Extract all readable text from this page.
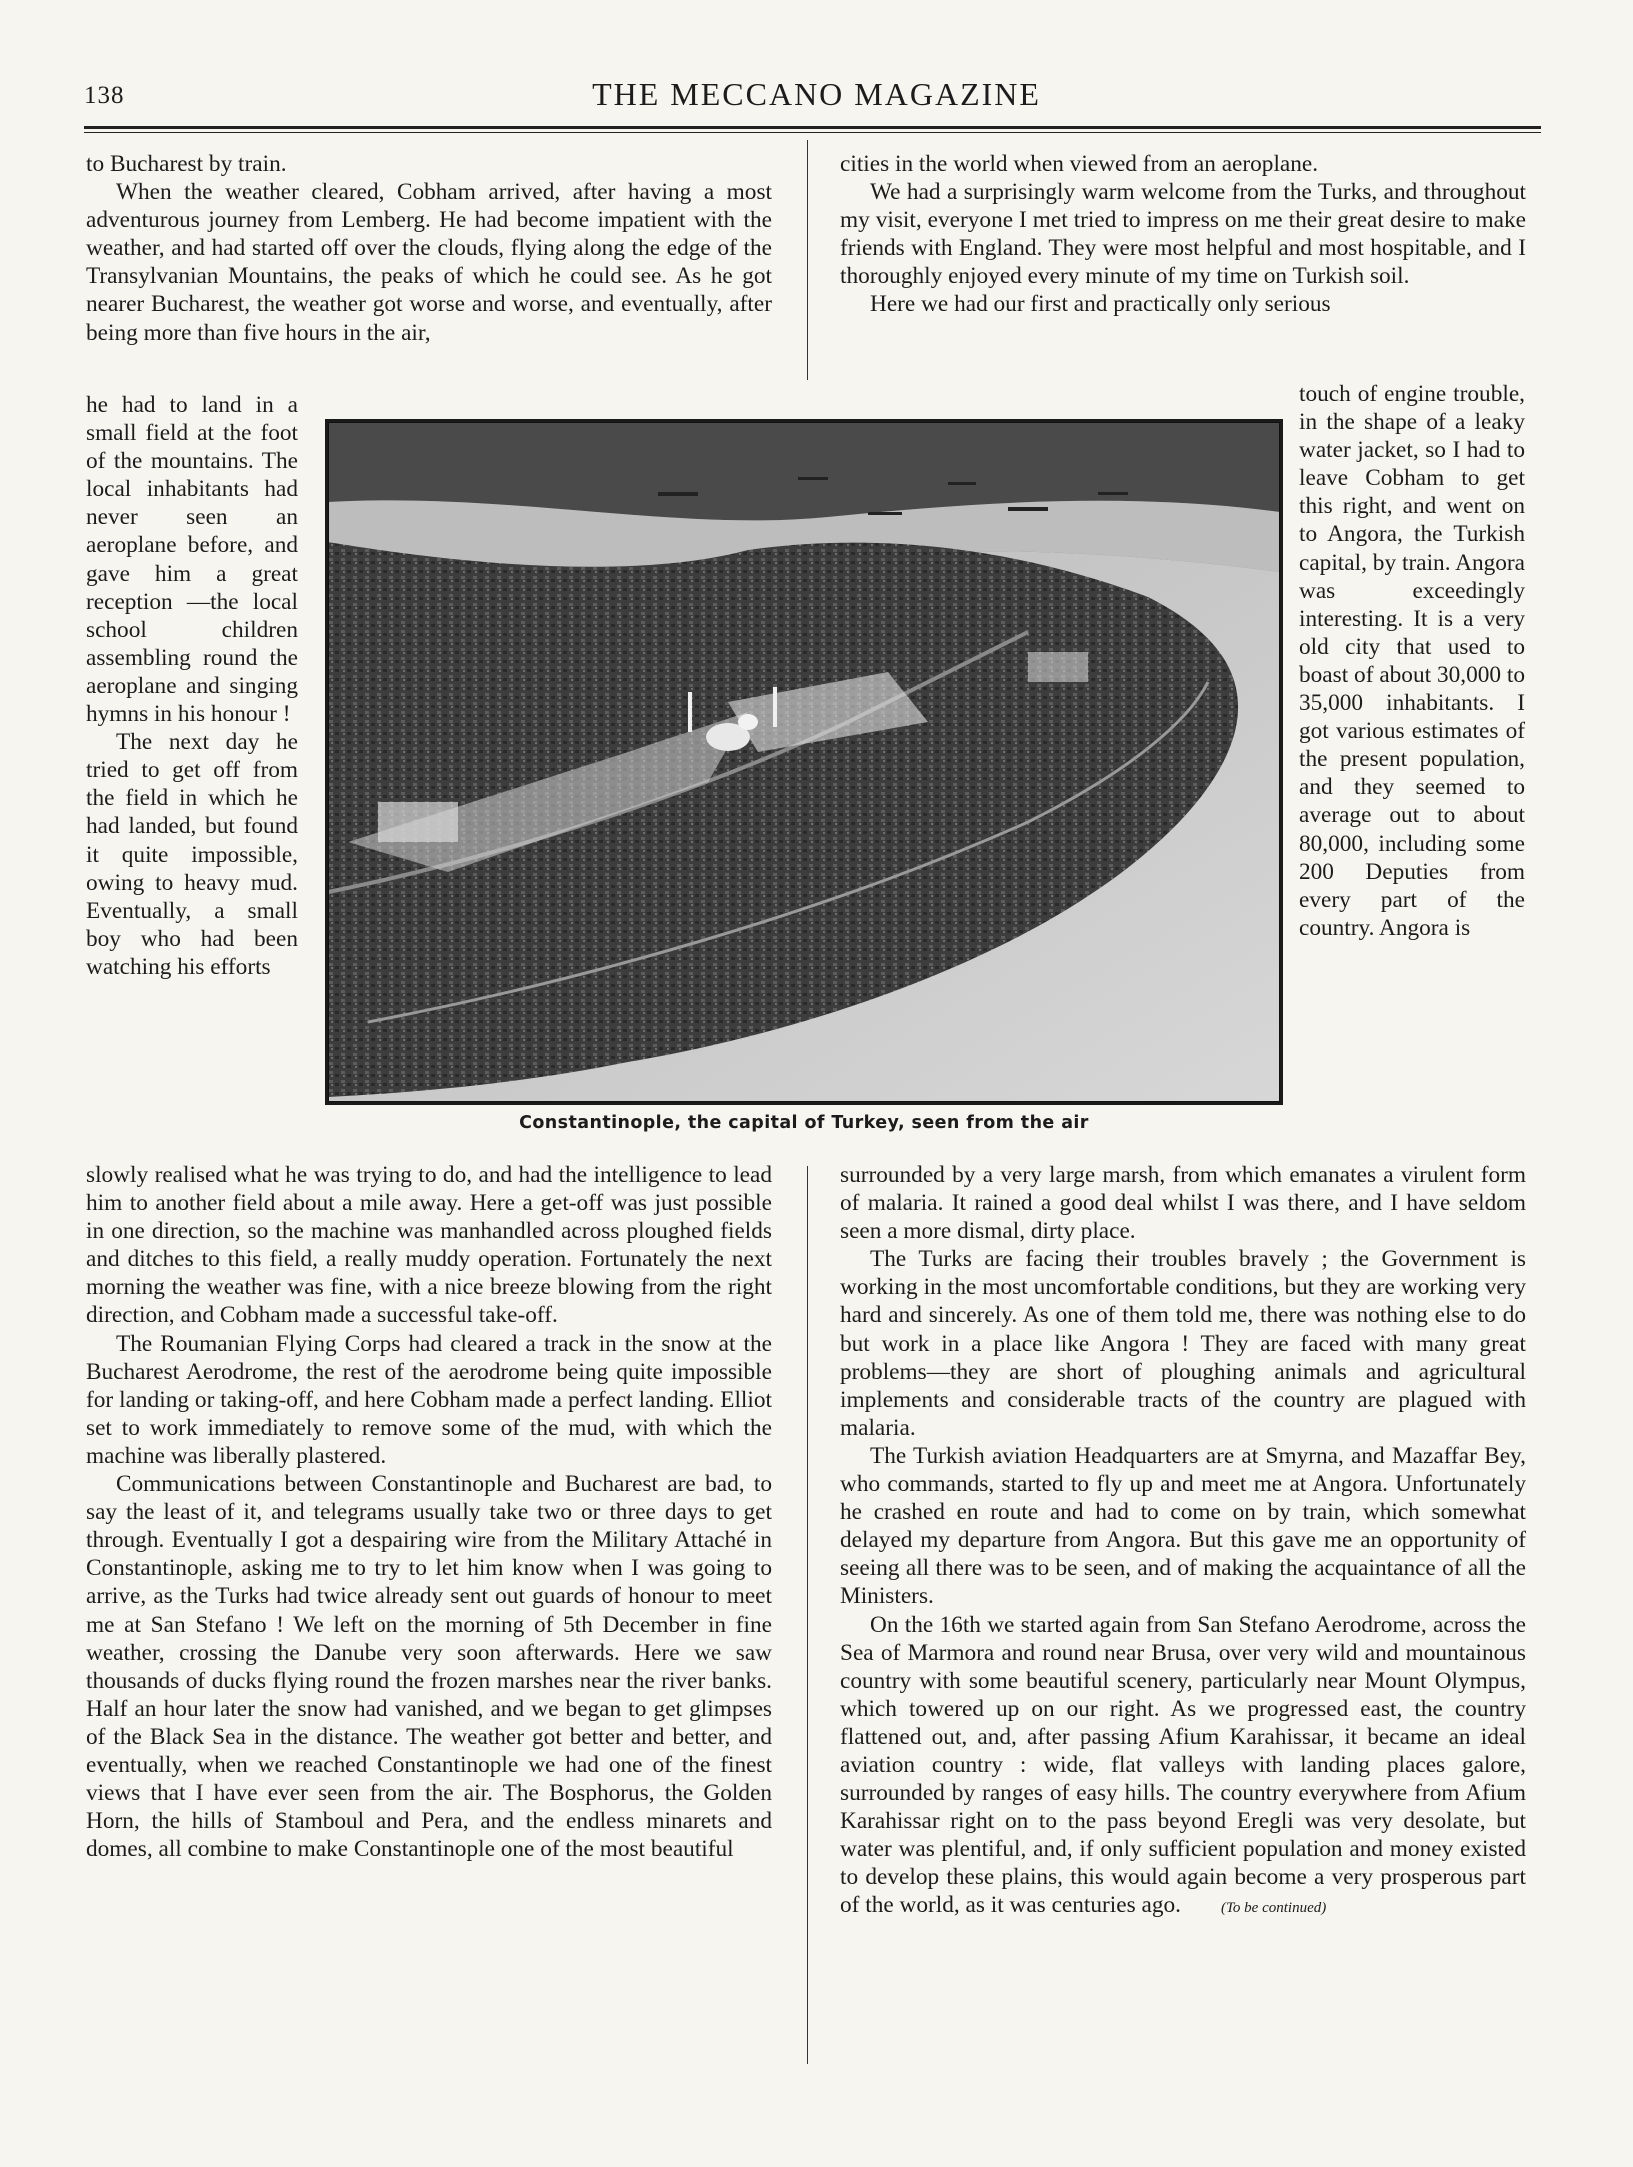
138	THE MECCANO MAGAZINE

to Bucharest by train.

When the weather cleared, Cobham arrived, after having a most adventurous journey from Lemberg. He had become impatient with the weather, and had started off over the clouds, flying along the edge of the Transylvanian Mountains, the peaks of which he could see. As he got nearer Bucharest, the weather got worse and worse, and eventually, after being more than five hours in the air,

he had to land in a small field at the foot of the mountains. The local inhabitants had never seen an aeroplane before, and gave him a great reception —the local school children assembling round the aeroplane and singing hymns in his honour !

The next day he tried to get off from the field in which he had landed, but found it quite impossible, owing to heavy mud. Eventually, a small boy who had been watching his efforts

slowly realised what he was trying to do, and had the intelligence to lead him to another field about a mile away. Here a get-off was just possible in one direction, so the machine was manhandled across ploughed fields and ditches to this field, a really muddy operation. Fortunately the next morning the weather was fine, with a nice breeze blowing from the right direction, and Cobham made a successful take-off.

The Roumanian Flying Corps had cleared a track in the snow at the Bucharest Aerodrome, the rest of the aerodrome being quite impossible for landing or taking-off, and here Cobham made a perfect landing. Elliot set to work immediately to remove some of the mud, with which the machine was liberally plastered.

Communications between Constantinople and Bucharest are bad, to say the least of it, and telegrams usually take two or three days to get through. Eventually I got a despairing wire from the Military Attaché in Constantinople, asking me to try to let him know when I was going to arrive, as the Turks had twice already sent out guards of honour to meet me at San Stefano ! We left on the morning of 5th December in fine weather, crossing the Danube very soon afterwards. Here we saw thousands of ducks flying round the frozen marshes near the river banks. Half an hour later the snow had vanished, and we began to get glimpses of the Black Sea in the distance. The weather got better and better, and eventually, when we reached Constantinople we had one of the finest views that I have ever seen from the air. The Bosphorus, the Golden Horn, the hills of Stamboul and Pera, and the endless minarets and domes, all combine to make Constantinople one of the most beautiful

cities in the world when viewed from an aeroplane.

We had a surprisingly warm welcome from the Turks, and throughout my visit, everyone I met tried to impress on me their great desire to make friends with England. They were most helpful and most hospitable, and I thoroughly enjoyed every minute of my time on Turkish soil.

Here we had our first and practically only serious

touch of engine trouble, in the shape of a leaky water jacket, so I had to leave Cobham to get this right, and went on to Angora, the Turkish capital, by train. Angora was exceedingly interesting. It is a very old city that used to boast of about 30,000 to 35,000 inhabitants. I got various estimates of the present population, and they seemed to average out to about 80,000, including some 200 Deputies from every part of the country. Angora is

surrounded by a very large marsh, from which emanates a virulent form of malaria. It rained a good deal whilst I was there, and I have seldom seen a more dismal, dirty place.

The Turks are facing their troubles bravely ; the Government is working in the most uncomfortable conditions, but they are working very hard and sincerely. As one of them told me, there was nothing else to do but work in a place like Angora ! They are faced with many great problems—they are short of ploughing animals and agricultural implements and considerable tracts of the country are plagued with malaria.

The Turkish aviation Headquarters are at Smyrna, and Mazaffar Bey, who commands, started to fly up and meet me at Angora. Unfortunately he crashed en route and had to come on by train, which somewhat delayed my departure from Angora. But this gave me an opportunity of seeing all there was to be seen, and of making the acquaintance of all the Ministers.

On the 16th we started again from San Stefano Aerodrome, across the Sea of Marmora and round near Brusa, over very wild and mountainous country with some beautiful scenery, particularly near Mount Olympus, which towered up on our right. As we progressed east, the country flattened out, and, after passing Afium Karahissar, it became an ideal aviation country : wide, flat valleys with landing places galore, surrounded by ranges of easy hills. The country everywhere from Afium Karahissar right on to the pass beyond Eregli was very desolate, but water was plentiful, and, if only sufficient population and money existed to develop these plains, this would again become a very prosperous part of the world, as it was centuries ago.	(To be continued)

Constantinople, the capital of Turkey, seen from the air
